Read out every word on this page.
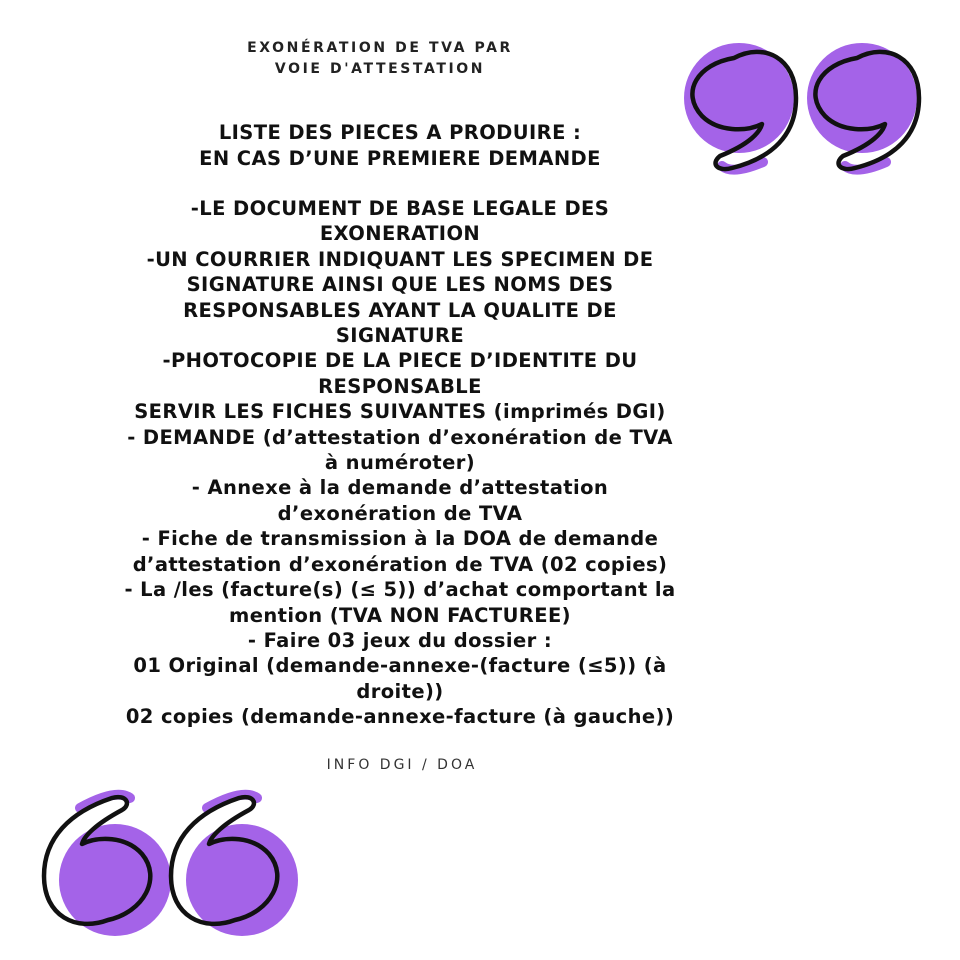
EXONÉRATION DE TVA PAR
VOIE D'ATTESTATION
LISTE DES PIECES A PRODUIRE :
EN CAS D’UNE PREMIERE DEMANDE
-LE DOCUMENT DE BASE LEGALE DES
EXONERATION
-UN COURRIER INDIQUANT LES SPECIMEN DE
SIGNATURE AINSI QUE LES NOMS DES
RESPONSABLES AYANT LA QUALITE DE
SIGNATURE
-PHOTOCOPIE DE LA PIECE D’IDENTITE DU
RESPONSABLE
SERVIR LES FICHES SUIVANTES (imprimés DGI)
- DEMANDE (d’attestation d’exonération de TVA
à numéroter)
- Annexe à la demande d’attestation
d’exonération de TVA
- Fiche de transmission à la DOA de demande
d’attestation d’exonération de TVA (02 copies)
- La /les (facture(s) (≤ 5)) d’achat comportant la
mention (TVA NON FACTUREE)
- Faire 03 jeux du dossier :
01 Original (demande-annexe-(facture (≤5)) (à
droite))
02 copies (demande-annexe-facture (à gauche))
INFO DGI / DOA
